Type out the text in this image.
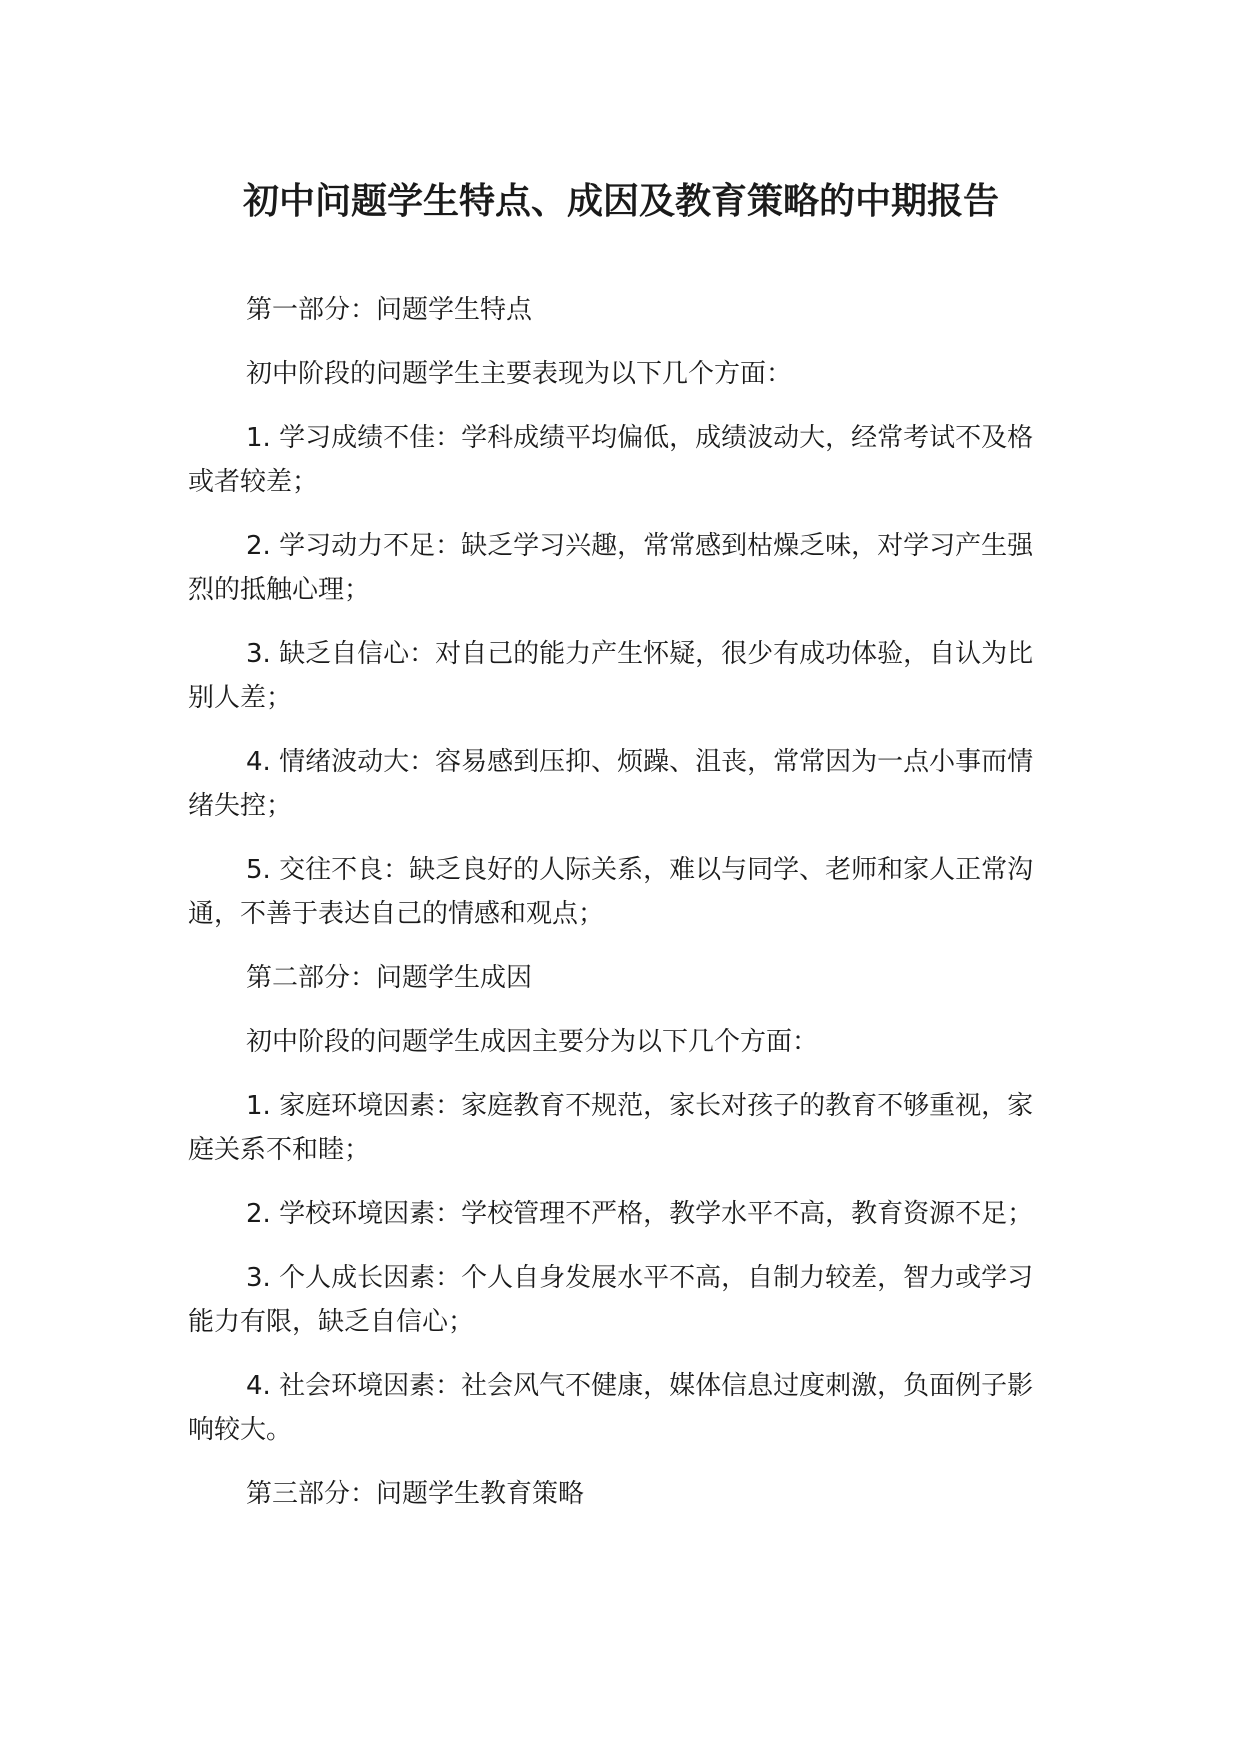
初中问题学生特点、成因及教育策略的中期报告

第一部分：问题学生特点

初中阶段的问题学生主要表现为以下几个方面：

1. 学习成绩不佳：学科成绩平均偏低，成绩波动大，经常考试不及格或者较差；

2. 学习动力不足：缺乏学习兴趣，常常感到枯燥乏味，对学习产生强烈的抵触心理；

3. 缺乏自信心：对自己的能力产生怀疑，很少有成功体验，自认为比别人差；

4. 情绪波动大：容易感到压抑、烦躁、沮丧，常常因为一点小事而情绪失控；

5. 交往不良：缺乏良好的人际关系，难以与同学、老师和家人正常沟通，不善于表达自己的情感和观点；

第二部分：问题学生成因

初中阶段的问题学生成因主要分为以下几个方面：

1. 家庭环境因素：家庭教育不规范，家长对孩子的教育不够重视，家庭关系不和睦；

2. 学校环境因素：学校管理不严格，教学水平不高，教育资源不足；

3. 个人成长因素：个人自身发展水平不高，自制力较差，智力或学习能力有限，缺乏自信心；

4. 社会环境因素：社会风气不健康，媒体信息过度刺激，负面例子影响较大。

第三部分：问题学生教育策略
